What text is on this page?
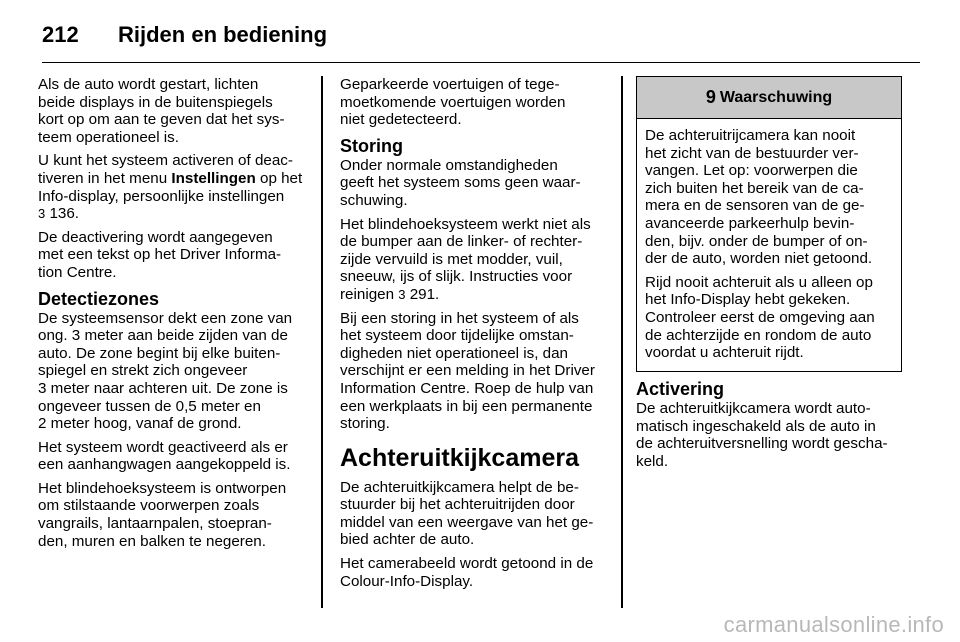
212 Rijden en bediening

Als de auto wordt gestart, lichten
beide displays in de buitenspiegels
kort op om aan te geven dat het sys-
teem operationeel is.

U kunt het systeem activeren of deac-
tiveren in het menu Instellingen op het
Info-display, persoonlijke instellingen
3 136.

De deactivering wordt aangegeven
met een tekst op het Driver Informa-
tion Centre.

Detectiezones

De systeemsensor dekt een zone van
ong. 3 meter aan beide zijden van de
auto. De zone begint bij elke buiten-
spiegel en strekt zich ongeveer
3 meter naar achteren uit. De zone is
ongeveer tussen de 0,5 meter en
2 meter hoog, vanaf de grond.

Het systeem wordt geactiveerd als er
een aanhangwagen aangekoppeld is.

Het blindehoeksysteem is ontworpen
om stilstaande voorwerpen zoals
vangrails, lantaarnpalen, stoepran-
den, muren en balken te negeren.

Geparkeerde voertuigen of tege-
moetkomende voertuigen worden
niet gedetecteerd.

Storing

Onder normale omstandigheden
geeft het systeem soms geen waar-
schuwing.

Het blindehoeksysteem werkt niet als
de bumper aan de linker- of rechter-
zijde vervuild is met modder, vuil,
sneeuw, ijs of slijk. Instructies voor
reinigen 3 291.

Bij een storing in het systeem of als
het systeem door tijdelijke omstan-
digheden niet operationeel is, dan
verschijnt er een melding in het Driver
Information Centre. Roep de hulp van
een werkplaats in bij een permanente
storing.

Achteruitkijkcamera

De achteruitkijkcamera helpt de be-
stuurder bij het achteruitrijden door
middel van een weergave van het ge-
bied achter de auto.

Het camerabeeld wordt getoond in de
Colour-Info-Display.

9 Waarschuwing

De achteruitrijcamera kan nooit
het zicht van de bestuurder ver-
vangen. Let op: voorwerpen die
zich buiten het bereik van de ca-
mera en de sensoren van de ge-
avanceerde parkeerhulp bevin-
den, bijv. onder de bumper of on-
der de auto, worden niet getoond.

Rijd nooit achteruit als u alleen op
het Info-Display hebt gekeken.
Controleer eerst de omgeving aan
de achterzijde en rondom de auto
voordat u achteruit rijdt.

Activering

De achteruitkijkcamera wordt auto-
matisch ingeschakeld als de auto in
de achteruitversnelling wordt gescha-
keld.

carmanualsonline.info
